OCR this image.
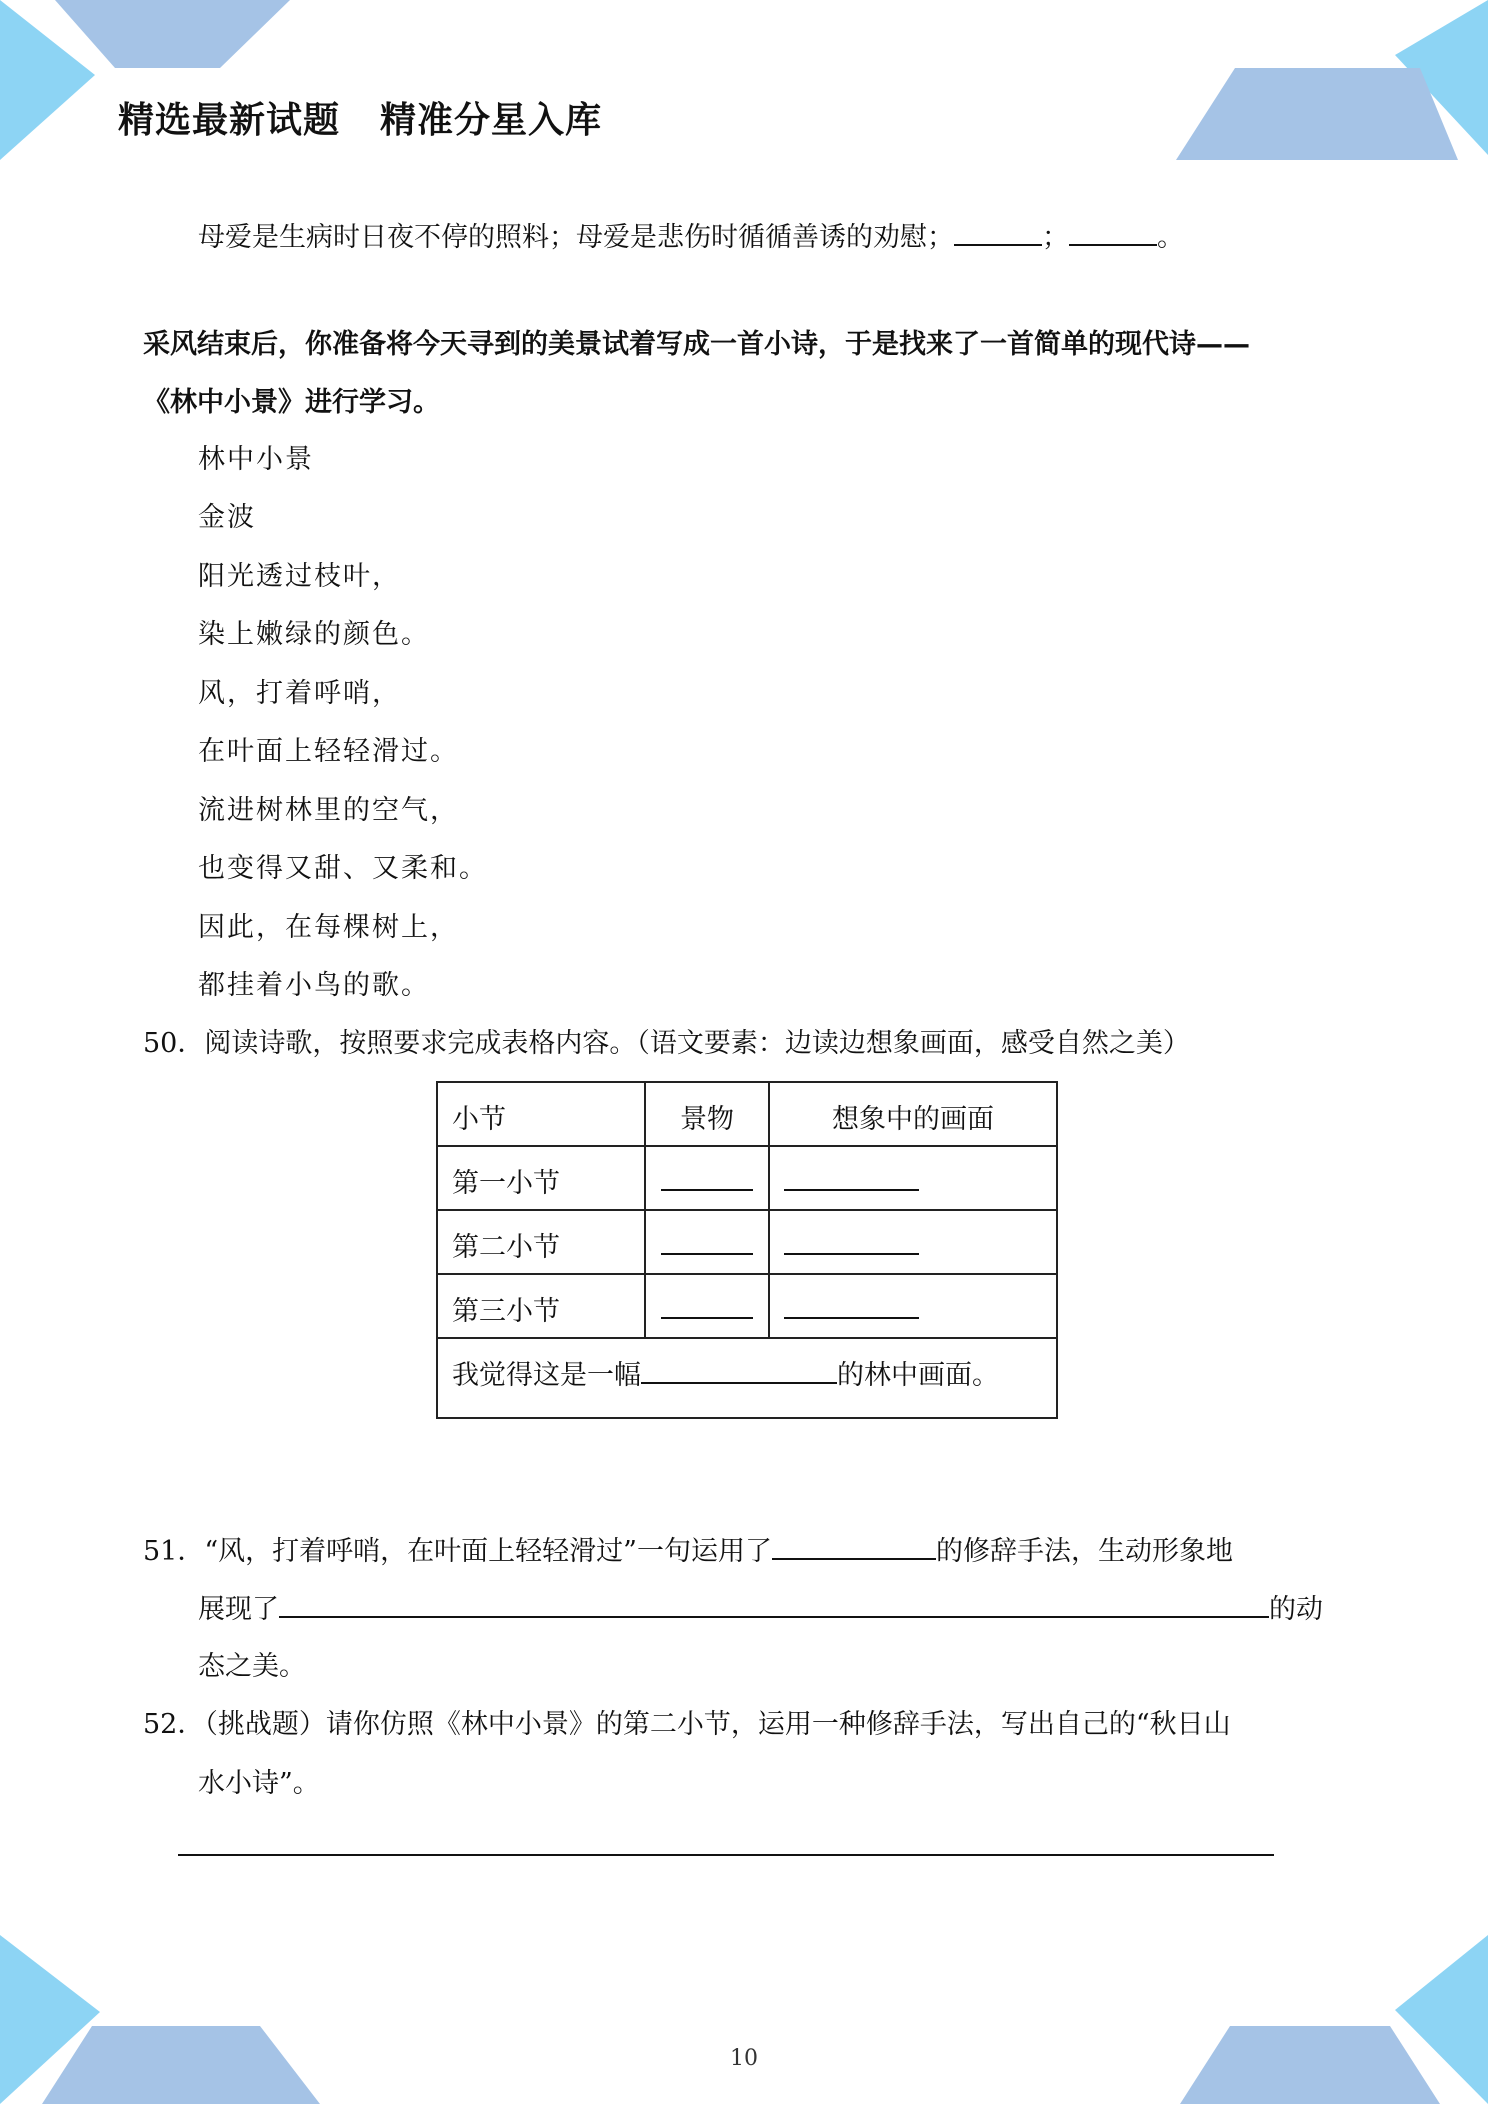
精选最新试题 精准分星入库
母爱是生病时日夜不停的照料；母爱是悲伤时循循善诱的劝慰；	；	。
采风结束后，你准备将今天寻到的美景试着写成一首小诗，于是找来了一首简单的现代诗——
《林中小景》进行学习。
林中小景
金波
阳光透过枝叶，
染上嫩绿的颜色。
风，打着呼哨，
在叶面上轻轻滑过。
流进树林里的空气，
也变得又甜、又柔和。
因此，在每棵树上，
都挂着小鸟的歌。
50．阅读诗歌，按照要求完成表格内容。（语文要素：边读边想象画面，感受自然之美）
小节	景物	想象中的画面
第一小节		
第二小节		
第三小节		
我觉得这是一幅 的林中画面。		
51．“风，打着呼哨，在叶面上轻轻滑过”一句运用了	的修辞手法，生动形象地
展现了	的动
态之美。
52．（挑战题）请你仿照《林中小景》的第二小节，运用一种修辞手法，写出自己的“秋日山
水小诗”。
10
